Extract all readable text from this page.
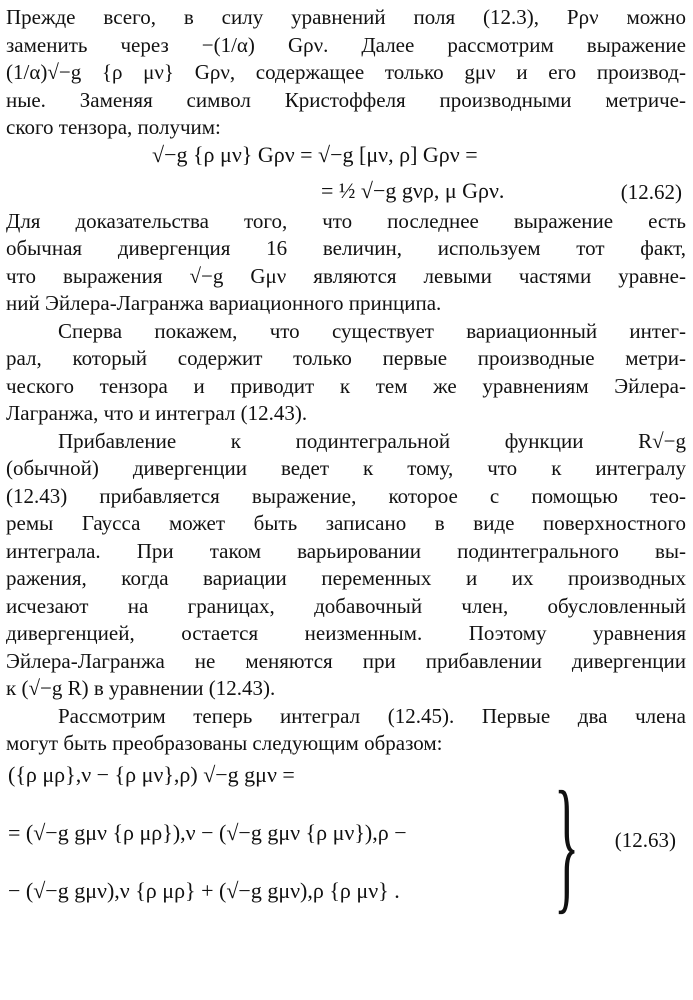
Прежде всего, в силу уравнений поля (12.3), Pρν можно
заменить через −(1/α) Gρν. Далее рассмотрим выражение
(1/α)√−g {ρ μν} Gρν, содержащее только gμν и его производ-
ные. Заменяя символ Кристоффеля производными метриче-
ского тензора, получим:

√−g {ρ μν} Gρν = √−g [μν, ρ] Gρν =
= ½ √−g gνρ, μ Gρν.	(12.62)

Для доказательства того, что последнее выражение есть
обычная дивергенция 16 величин, используем тот факт,
что выражения √−g Gμν являются левыми частями уравне-
ний Эйлера-Лагранжа вариационного принципа.

Сперва покажем, что существует вариационный интег-
рал, который содержит только первые производные метри-
ческого тензора и приводит к тем же уравнениям Эйлера-
Лагранжа, что и интеграл (12.43).

Прибавление к подинтегральной функции R√−g
(обычной) дивергенции ведет к тому, что к интегралу
(12.43) прибавляется выражение, которое с помощью тео-
ремы Гаусса может быть записано в виде поверхностного
интеграла. При таком варьировании подинтегрального вы-
ражения, когда вариации переменных и их производных
исчезают на границах, добавочный член, обусловленный
дивергенцией, остается неизменным. Поэтому уравнения
Эйлера-Лагранжа не меняются при прибавлении дивергенции
к (√−g R) в уравнении (12.43).

Рассмотрим теперь интеграл (12.45). Первые два члена
могут быть преобразованы следующим образом:

({ρ μρ},ν − {ρ μν},ρ) √−g gμν =
= (√−g gμν {ρ μρ}),ν − (√−g gμν {ρ μν}),ρ −
− (√−g gμν),ν {ρ μρ} + (√−g gμν),ρ {ρ μν} . } (12.63)
